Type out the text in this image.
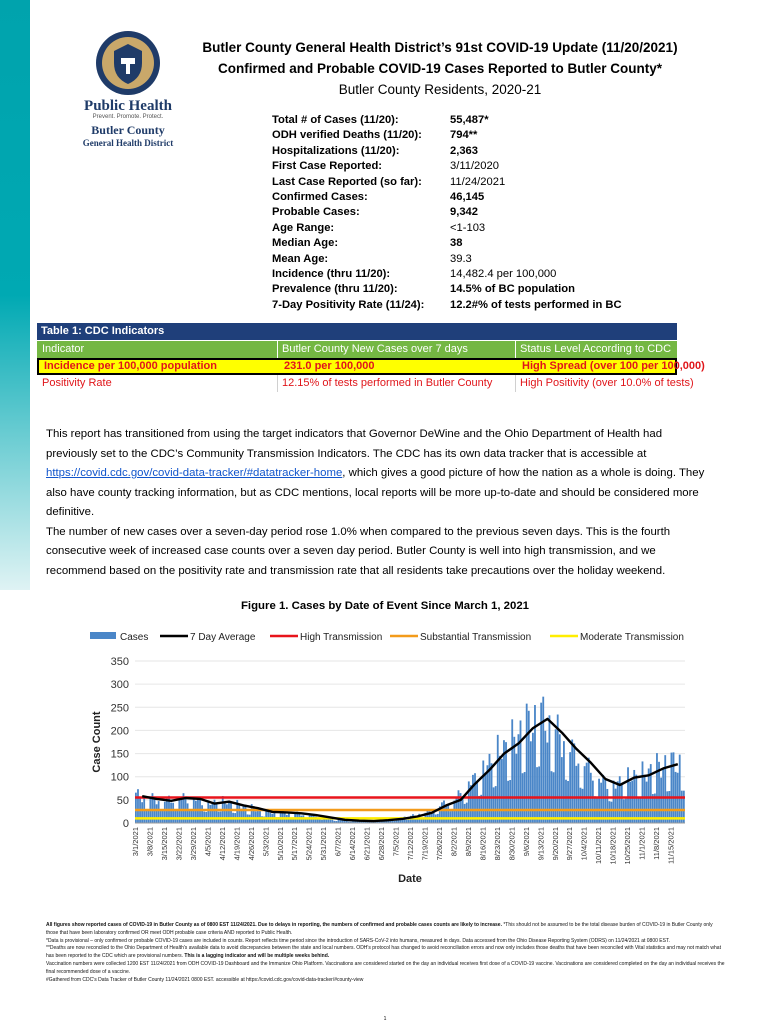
Public Health
Prevent. Promote. Protect.
Butler County
General Health District
Butler County General Health District’s 91st COVID-19 Update (11/20/2021)
Confirmed and Probable COVID-19 Cases Reported to Butler County*
Butler County Residents, 2020-21
Total # of Cases (11/20):	55,487*
ODH verified Deaths (11/20):	794**
Hospitalizations (11/20):	2,363
First Case Reported:	3/11/2020
Last Case Reported (so far):	11/24/2021
Confirmed Cases:	46,145
Probable Cases:	9,342
Age Range:	<1-103
Median Age:	38
Mean Age:	39.3
Incidence (thru 11/20):	14,482.4 per 100,000
Prevalence (thru 11/20):	14.5% of BC population
7-Day Positivity Rate (11/24): 12.2#% of tests performed in BC
Table 1: CDC Indicators
Indicator	Butler County New Cases over 7 days	Status Level According to CDC
Incidence per 100,000 population	231.0 per 100,000	High Spread (over 100 per 100,000)
Positivity Rate	12.15% of tests performed in Butler County	High Positivity (over 10.0% of tests)
This report has transitioned from using the target indicators that Governor DeWine and the Ohio Department of Health had previously set to the CDC’s Community Transmission Indicators. The CDC has its own data tracker that is accessible at https://covid.cdc.gov/covid-data-tracker/#datatracker-home, which gives a good picture of how the nation as a whole is doing. They also have county tracking information, but as CDC mentions, local reports will be more up-to-date and should be considered more definitive.
The number of new cases over a seven-day period rose 1.0% when compared to the previous seven days. This is the fourth consecutive week of increased case counts over a seven day period. Butler County is well into high transmission, and we recommend based on the positivity rate and transmission rate that all residents take precautions over the holiday weekend.
Figure 1. Cases by Date of Event Since March 1, 2021
Cases	7 Day Average	High Transmission	Substantial Transmission	Moderate Transmission
0
50
100
150
200
250
300
350
Case Count
3/1/2021 3/8/2021 3/15/2021 3/22/2021 3/29/2021 4/5/2021 4/12/2021 4/19/2021 4/26/2021 5/3/2021 5/10/2021 5/17/2021 5/24/2021 5/31/2021 6/7/2021 6/14/2021 6/21/2021 6/28/2021 7/5/2021 7/12/2021 7/19/2021 7/26/2021 8/2/2021 8/9/2021 8/16/2021 8/23/2021 8/30/2021 9/6/2021 9/13/2021 9/20/2021 9/27/2021 10/4/2021 10/11/2021 10/18/2021 10/25/2021 11/1/2021 11/8/2021 11/15/2021
Date
All figures show reported cases of COVID-19 in Butler County as of 0800 EST 11/24/2021. Due to delays in reporting, the numbers of confirmed and probable cases counts are likely to increase. *This should not be assumed to be the total disease burden of COVID-19 in Butler County only those that have been laboratory confirmed OR meet ODH probable case criteria AND reported to Public Health.
*Data is provisional – only confirmed or probable COVID-19 cases are included in counts. Report reflects time period since the introduction of SARS-CoV-2 into humans, measured in days. Data accessed from the Ohio Disease Reporting System (ODRS) on 11/24/2021 at 0800 EST.
**Deaths are now reconciled to the Ohio Department of Health's available data to avoid discrepancies between the state and local numbers. ODH's protocol has changed to avoid reconciliation errors and now only includes those deaths that have been reconciled with Vital statistics and may not match what has been reported to the CDC which are provisional numbers. This is a lagging indicator and will be multiple weeks behind.
Vaccination numbers were collected 1200 EST 11/24/2021 from ODH COVID-19 Dashboard and the Immunize Ohio Platform. Vaccinations are considered started on the day an individual receives first dose of a COVID-19 vaccine. Vaccinations are considered completed on the day an individual receives the final recommended dose of a vaccine.
#Gathered from CDC's Data Tracker of Butler County 11/24/2021 0800 EST. accessible at https://covid.cdc.gov/covid-data-tracker/#county-view
1
